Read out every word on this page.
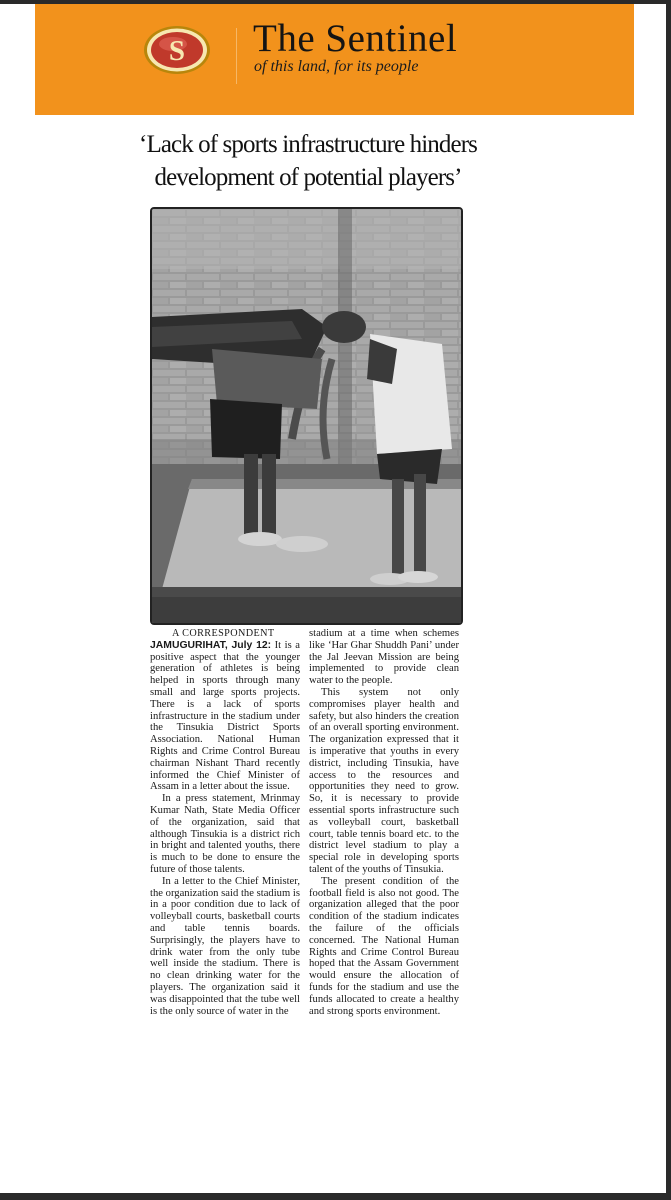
S The Sentinel
of this land, for its people
‘Lack of sports infrastructure hinders
development of potential players’

A CORRESPONDENT

JAMUGURIHAT, July 12: It is a positive aspect that the younger generation of athletes is being helped in sports through many small and large sports projects. There is a lack of sports infrastructure in the stadium under the Tinsukia District Sports Association. National Human Rights and Crime Control Bureau chairman Nishant Thard recently informed the Chief Minister of Assam in a letter about the issue.

In a press statement, Mrinmay Kumar Nath, State Media Officer of the organization, said that although Tinsukia is a district rich in bright and talented youths, there is much to be done to ensure the future of those talents.

In a letter to the Chief Minister, the organization said the stadium is in a poor condition due to lack of volleyball courts, basketball courts and table tennis boards. Surprisingly, the players have to drink water from the only tube well inside the stadium. There is no clean drinking water for the players. The organization said it was disappointed that the tube well is the only source of water in the

stadium at a time when schemes like ‘Har Ghar Shuddh Pani’ under the Jal Jeevan Mission are being implemented to provide clean water to the people.

This system not only compromises player health and safety, but also hinders the creation of an overall sporting environment. The organization expressed that it is imperative that youths in every district, including Tinsukia, have access to the resources and opportunities they need to grow. So, it is necessary to provide essential sports infrastructure such as volleyball court, basketball court, table tennis board etc. to the district level stadium to play a special role in developing sports talent of the youths of Tinsukia.

The present condition of the football field is also not good. The organization alleged that the poor condition of the stadium indicates the failure of the officials concerned. The National Human Rights and Crime Control Bureau hoped that the Assam Government would ensure the allocation of funds for the stadium and use the funds allocated to create a healthy and strong sports environment.
